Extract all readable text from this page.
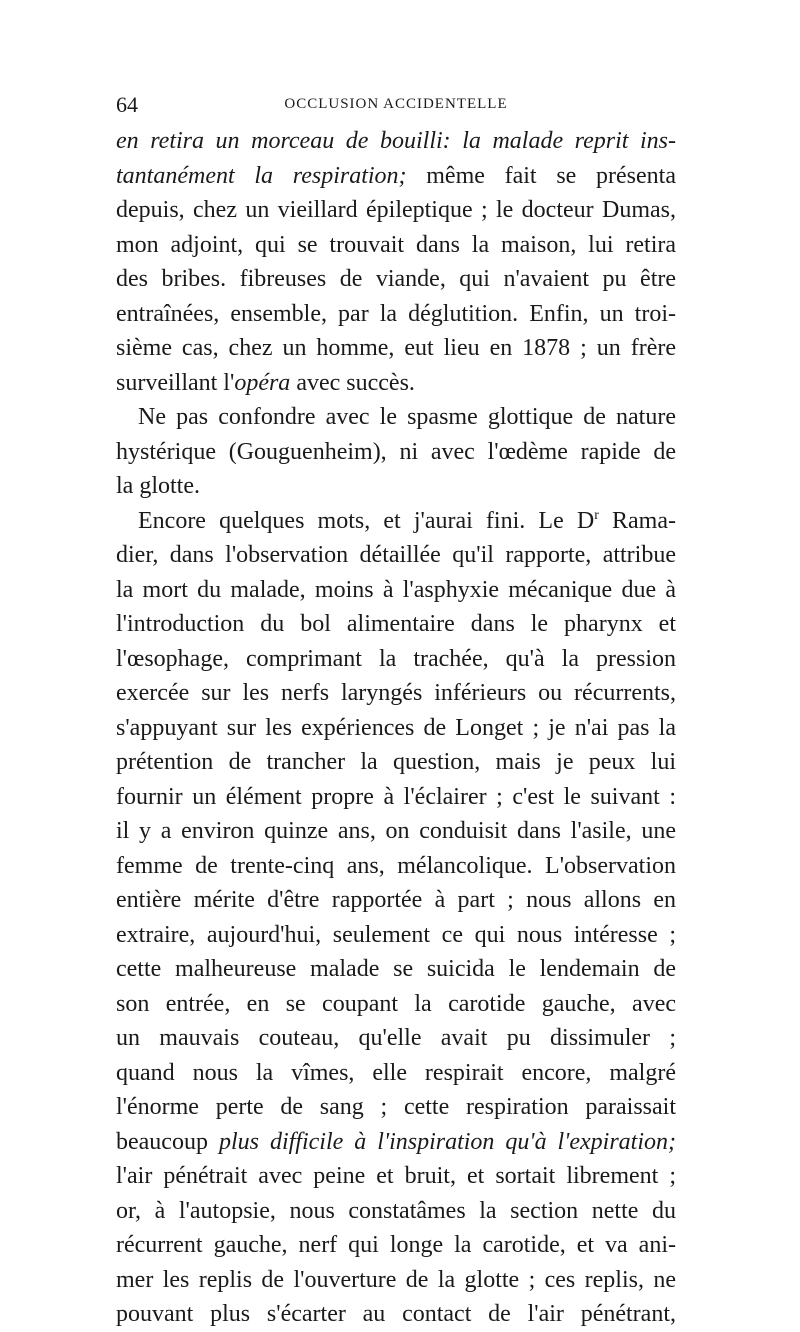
64	OCCLUSION ACCIDENTELLE
en retira un morceau de bouilli: la malade reprit ins-
tantanément la respiration; même fait se présenta
depuis, chez un vieillard épileptique ; le docteur Dumas,
mon adjoint, qui se trouvait dans la maison, lui retira
des bribes. fibreuses de viande, qui n'avaient pu être
entraînées, ensemble, par la déglutition. Enfin, un troi-
sième cas, chez un homme, eut lieu en 1878 ; un frère
surveillant l'opéra avec succès.
Ne pas confondre avec le spasme glottique de nature
hystérique (Gouguenheim), ni avec l'œdème rapide de
la glotte.
Encore quelques mots, et j'aurai fini. Le $D^r$ Rama-
dier, dans l'observation détaillée qu'il rapporte, attribue
la mort du malade, moins à l'asphyxie mécanique due à
l'introduction du bol alimentaire dans le pharynx et
l'œsophage, comprimant la trachée, qu'à la pression
exercée sur les nerfs laryngés inférieurs ou récurrents,
s'appuyant sur les expériences de Longet ; je n'ai pas la
prétention de trancher la question, mais je peux lui
fournir un élément propre à l'éclairer ; c'est le suivant :
il y a environ quinze ans, on conduisit dans l'asile, une
femme de trente-cinq ans, mélancolique. L'observation
entière mérite d'être rapportée à part ; nous allons en
extraire, aujourd'hui, seulement ce qui nous intéresse ;
cette malheureuse malade se suicida le lendemain de
son entrée, en se coupant la carotide gauche, avec
un mauvais couteau, qu'elle avait pu dissimuler ;
quand nous la vîmes, elle respirait encore, malgré
l'énorme perte de sang ; cette respiration paraissait
beaucoup plus difficile à l'inspiration qu'à l'expiration;
l'air pénétrait avec peine et bruit, et sortait librement ;
or, à l'autopsie, nous constatâmes la section nette du
récurrent gauche, nerf qui longe la carotide, et va ani-
mer les replis de l'ouverture de la glotte ; ces replis, ne
pouvant plus s'écarter au contact de l'air pénétrant,
